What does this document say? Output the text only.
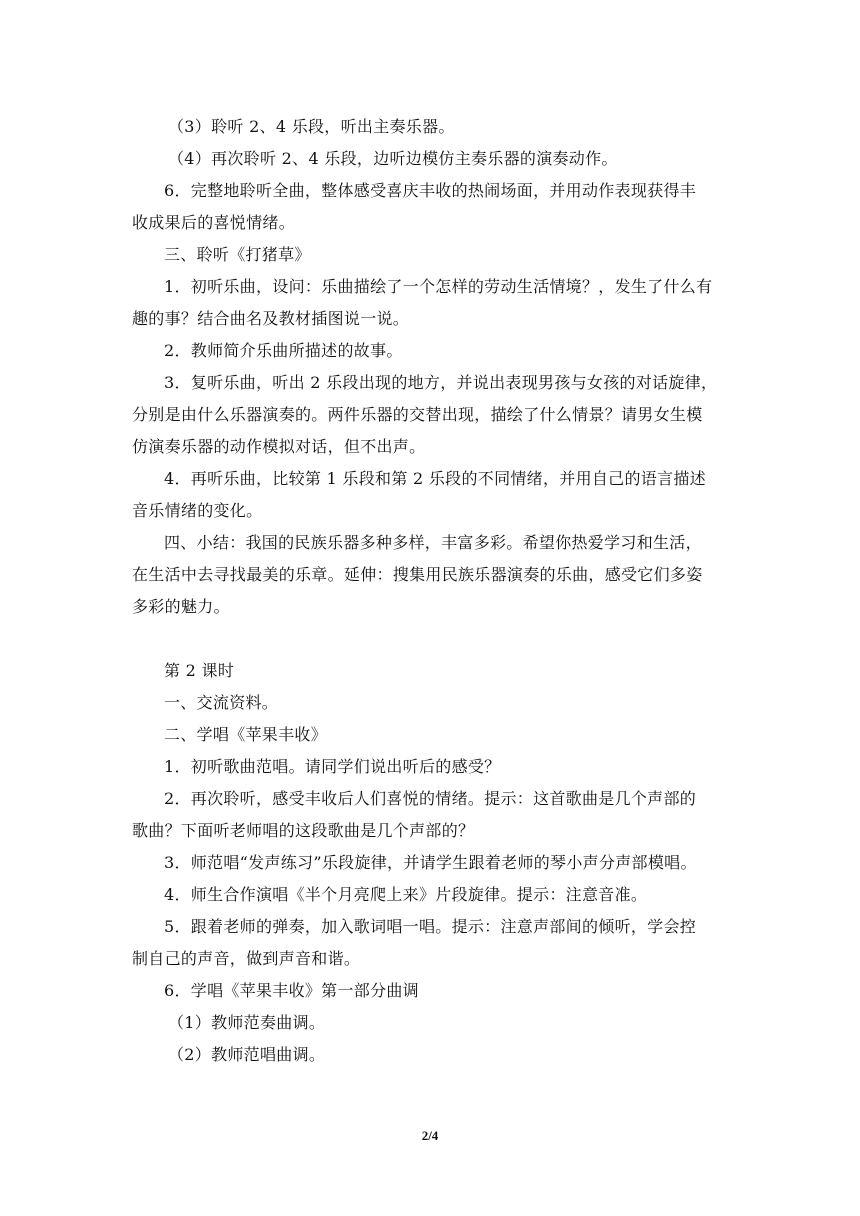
（3）聆听 2、4 乐段，听出主奏乐器。
（4）再次聆听 2、4 乐段，边听边模仿主奏乐器的演奏动作。
6．完整地聆听全曲，整体感受喜庆丰收的热闹场面，并用动作表现获得丰
收成果后的喜悦情绪。
三、聆听《打猪草》
1．初听乐曲，设问：乐曲描绘了一个怎样的劳动生活情境？，发生了什么有
趣的事？结合曲名及教材插图说一说。
2．教师简介乐曲所描述的故事。
3．复听乐曲，听出 2 乐段出现的地方，并说出表现男孩与女孩的对话旋律，
分别是由什么乐器演奏的。两件乐器的交替出现，描绘了什么情景？请男女生模
仿演奏乐器的动作模拟对话，但不出声。
4．再听乐曲，比较第 1 乐段和第 2 乐段的不同情绪，并用自己的语言描述
音乐情绪的变化。
四、小结：我国的民族乐器多种多样，丰富多彩。希望你热爱学习和生活，
在生活中去寻找最美的乐章。延伸：搜集用民族乐器演奏的乐曲，感受它们多姿
多彩的魅力。
第 2 课时
一、交流资料。
二、学唱《苹果丰收》
1．初听歌曲范唱。请同学们说出听后的感受？
2．再次聆听，感受丰收后人们喜悦的情绪。提示：这首歌曲是几个声部的
歌曲？下面听老师唱的这段歌曲是几个声部的？
3．师范唱“发声练习”乐段旋律，并请学生跟着老师的琴小声分声部模唱。
4．师生合作演唱《半个月亮爬上来》片段旋律。提示：注意音准。
5．跟着老师的弹奏，加入歌词唱一唱。提示：注意声部间的倾听，学会控
制自己的声音，做到声音和谐。
6．学唱《苹果丰收》第一部分曲调
（1）教师范奏曲调。
（2）教师范唱曲调。
2/4
